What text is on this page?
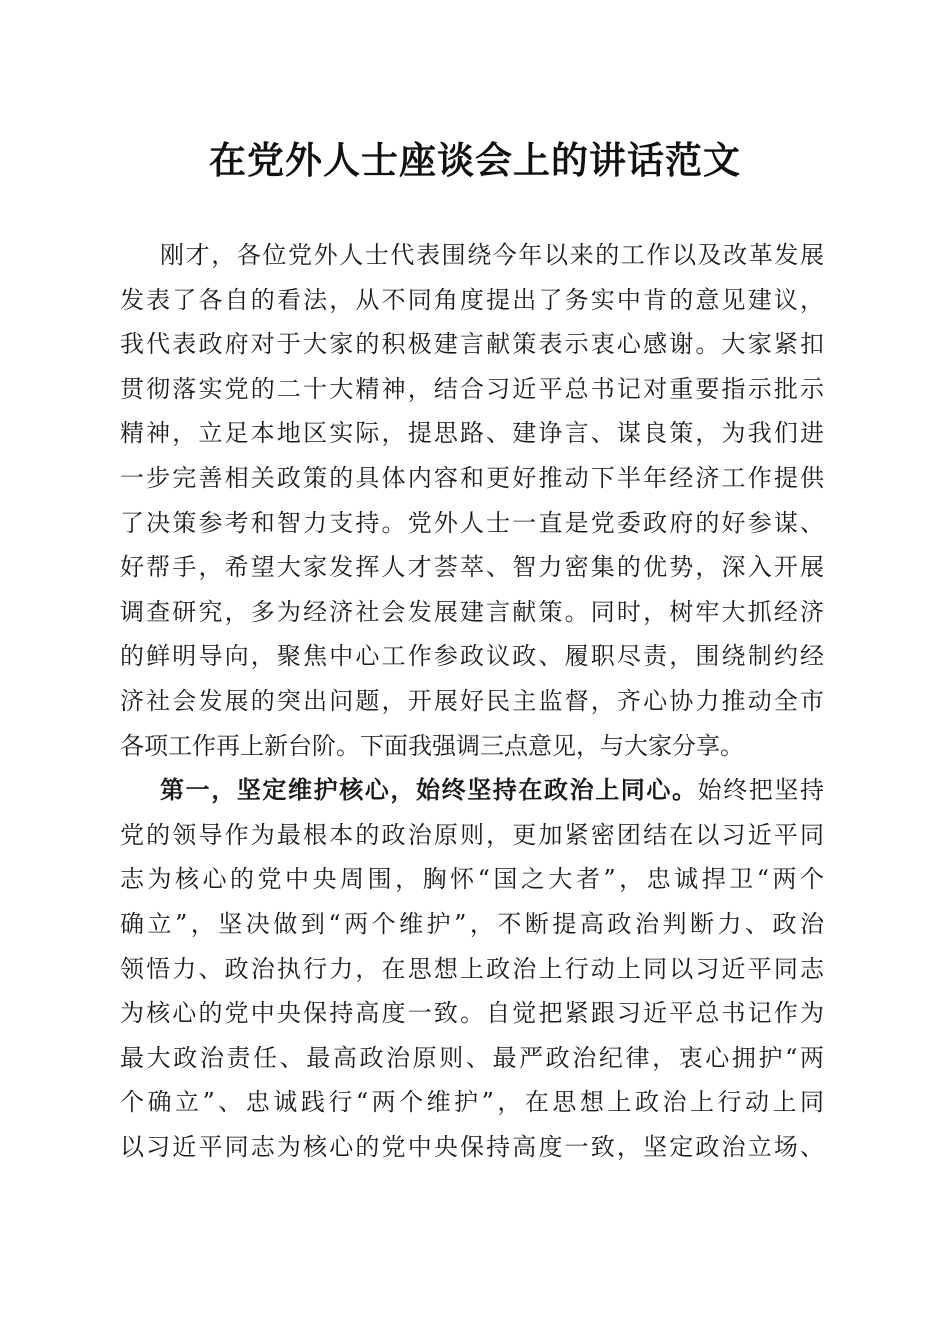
在党外人士座谈会上的讲话范文
刚才，各位党外人士代表围绕今年以来的工作以及改革发展
发表了各自的看法，从不同角度提出了务实中肯的意见建议，
我代表政府对于大家的积极建言献策表示衷心感谢。大家紧扣
贯彻落实党的二十大精神，结合习近平总书记对重要指示批示
精神，立足本地区实际，提思路、建诤言、谋良策，为我们进
一步完善相关政策的具体内容和更好推动下半年经济工作提供
了决策参考和智力支持。党外人士一直是党委政府的好参谋、
好帮手，希望大家发挥人才荟萃、智力密集的优势，深入开展
调查研究，多为经济社会发展建言献策。同时，树牢大抓经济
的鲜明导向，聚焦中心工作参政议政、履职尽责，围绕制约经
济社会发展的突出问题，开展好民主监督，齐心协力推动全市
各项工作再上新台阶。下面我强调三点意见，与大家分享。
第一，坚定维护核心，始终坚持在政治上同心。始终把坚持
党的领导作为最根本的政治原则，更加紧密团结在以习近平同
志为核心的党中央周围，胸怀“国之大者”，忠诚捍卫“两个
确立”，坚决做到“两个维护”，不断提高政治判断力、政治
领悟力、政治执行力，在思想上政治上行动上同以习近平同志
为核心的党中央保持高度一致。自觉把紧跟习近平总书记作为
最大政治责任、最高政治原则、最严政治纪律，衷心拥护“两
个确立”、忠诚践行“两个维护”，在思想上政治上行动上同
以习近平同志为核心的党中央保持高度一致，坚定政治立场、
